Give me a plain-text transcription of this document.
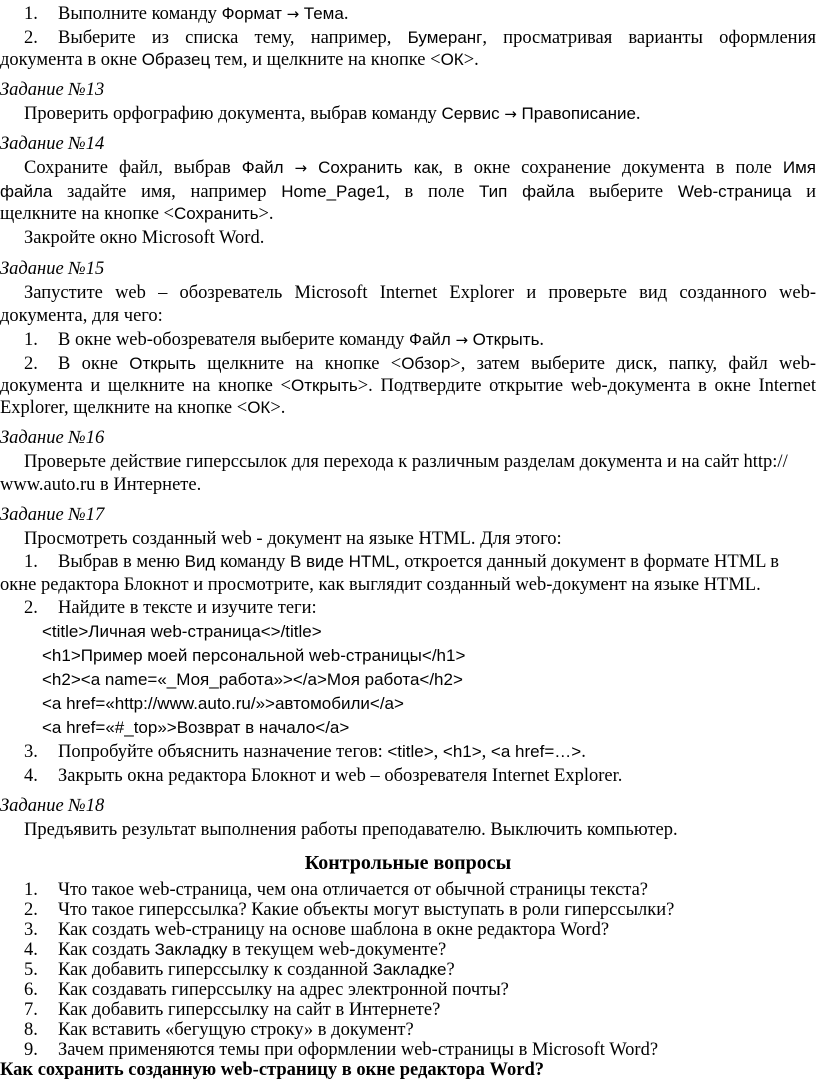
1. Выполните команду Формат → Тема.
2. Выберите из списка тему, например, Бумеранг, просматривая варианты оформления
документа в окне Образец тем, и щелкните на кнопке <ОК>.
Задание №13
Проверить орфографию документа, выбрав команду Сервис → Правописание.
Задание №14
Сохраните файл, выбрав Файл → Сохранить как, в окне сохранение документа в поле Имя
файла задайте имя, например Home_Page1, в поле Тип файла выберите Web-страница и
щелкните на кнопке <Сохранить>.
Закройте окно Microsoft Word.
Задание №15
Запустите web – обозреватель Microsoft Internet Explorer и проверьте вид созданного web-
документа, для чего:
1. В окне web-обозревателя выберите команду Файл → Открыть.
2. В окне Открыть щелкните на кнопке <Обзор>, затем выберите диск, папку, файл web-
документа и щелкните на кнопке <Открыть>. Подтвердите открытие web-документа в окне Internet
Explorer, щелкните на кнопке <ОК>.
Задание №16
Проверьте действие гиперссылок для перехода к различным разделам документа и на сайт http://
www.auto.ru в Интернете.
Задание №17
Просмотреть созданный web - документ на языке HTML. Для этого:
1. Выбрав в меню Вид команду В виде HTML, откроется данный документ в формате HTML в
окне редактора Блокнот и просмотрите, как выглядит созданный web-документ на языке HTML.
2. Найдите в тексте и изучите теги:
<title>Личная web-страница<>/title>
<h1>Пример моей персональной web-страницы</h1>
<h2><a name=«_Моя_работа»></a>Моя работа</h2>
<a href=«http://www.auto.ru/»>автомобили</a>
<a href=«#_top»>Возврат в начало</a>
3. Попробуйте объяснить назначение тегов: <title>, <h1>, <a href=…>.
4. Закрыть окна редактора Блокнот и web – обозревателя Internet Explorer.
Задание №18
Предъявить результат выполнения работы преподавателю. Выключить компьютер.
Контрольные вопросы
1. Что такое web-страница, чем она отличается от обычной страницы текста?
2. Что такое гиперссылка? Какие объекты могут выступать в роли гиперссылки?
3. Как создать web-страницу на основе шаблона в окне редактора Word?
4. Как создать Закладку в текущем web-документе?
5. Как добавить гиперссылку к созданной Закладке?
6. Как создавать гиперссылку на адрес электронной почты?
7. Как добавить гиперссылку на сайт в Интернете?
8. Как вставить «бегущую строку» в документ?
9. Зачем применяются темы при оформлении web-страницы в Microsoft Word?
Как сохранить созданную web-страницу в окне редактора Word?
